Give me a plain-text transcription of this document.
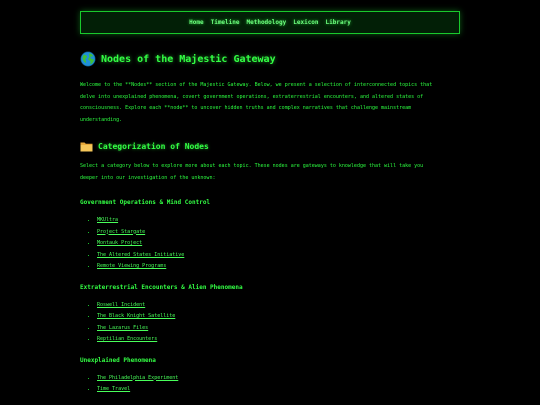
Home Timeline Methodology Lexicon Library
Nodes of the Majestic Gateway

Welcome to the **Nodes** section of the Majestic Gateway. Below, we present a selection of interconnected topics that delve into unexplained phenomena, covert government operations, extraterrestrial encounters, and altered states of consciousness. Explore each **node** to uncover hidden truths and complex narratives that challenge mainstream understanding.

Categorization of Nodes

Select a category below to explore more about each topic. These nodes are gateways to knowledge that will take you deeper into our investigation of the unknown:

Government Operations & Mind Control
• MKUltra
• Project Stargate
• Montauk Project
• The Altered States Initiative
• Remote Viewing Programs
Extraterrestrial Encounters & Alien Phenomena
• Roswell Incident
• The Black Knight Satellite
• The Lazarus Files
• Reptilian Encounters
Unexplained Phenomena
• The Philadelphia Experiment
• Time Travel
